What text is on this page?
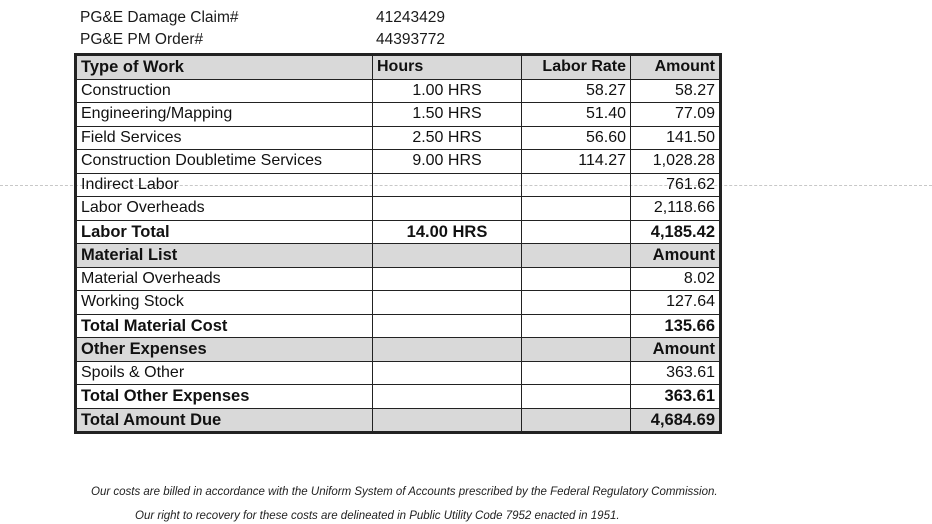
PG&E Damage Claim#	41243429
PG&E PM Order#	44393772
Type of Work	Hours	Labor Rate	Amount
Construction	1.00 HRS	58.27	58.27
Engineering/Mapping	1.50 HRS	51.40	77.09
Field Services	2.50 HRS	56.60	141.50
Construction Doubletime Services	9.00 HRS	114.27	1,028.28
Indirect Labor			761.62
Labor Overheads			2,118.66
Labor Total	14.00 HRS		4,185.42
Material List			Amount
Material Overheads			8.02
Working Stock			127.64
Total Material Cost			135.66
Other Expenses			Amount
Spoils & Other			363.61
Total Other Expenses			363.61
Total Amount Due			4,684.69
Our costs are billed in accordance with the Uniform System of Accounts prescribed by the Federal Regulatory Commission.
Our right to recovery for these costs are delineated in Public Utility Code 7952 enacted in 1951.
